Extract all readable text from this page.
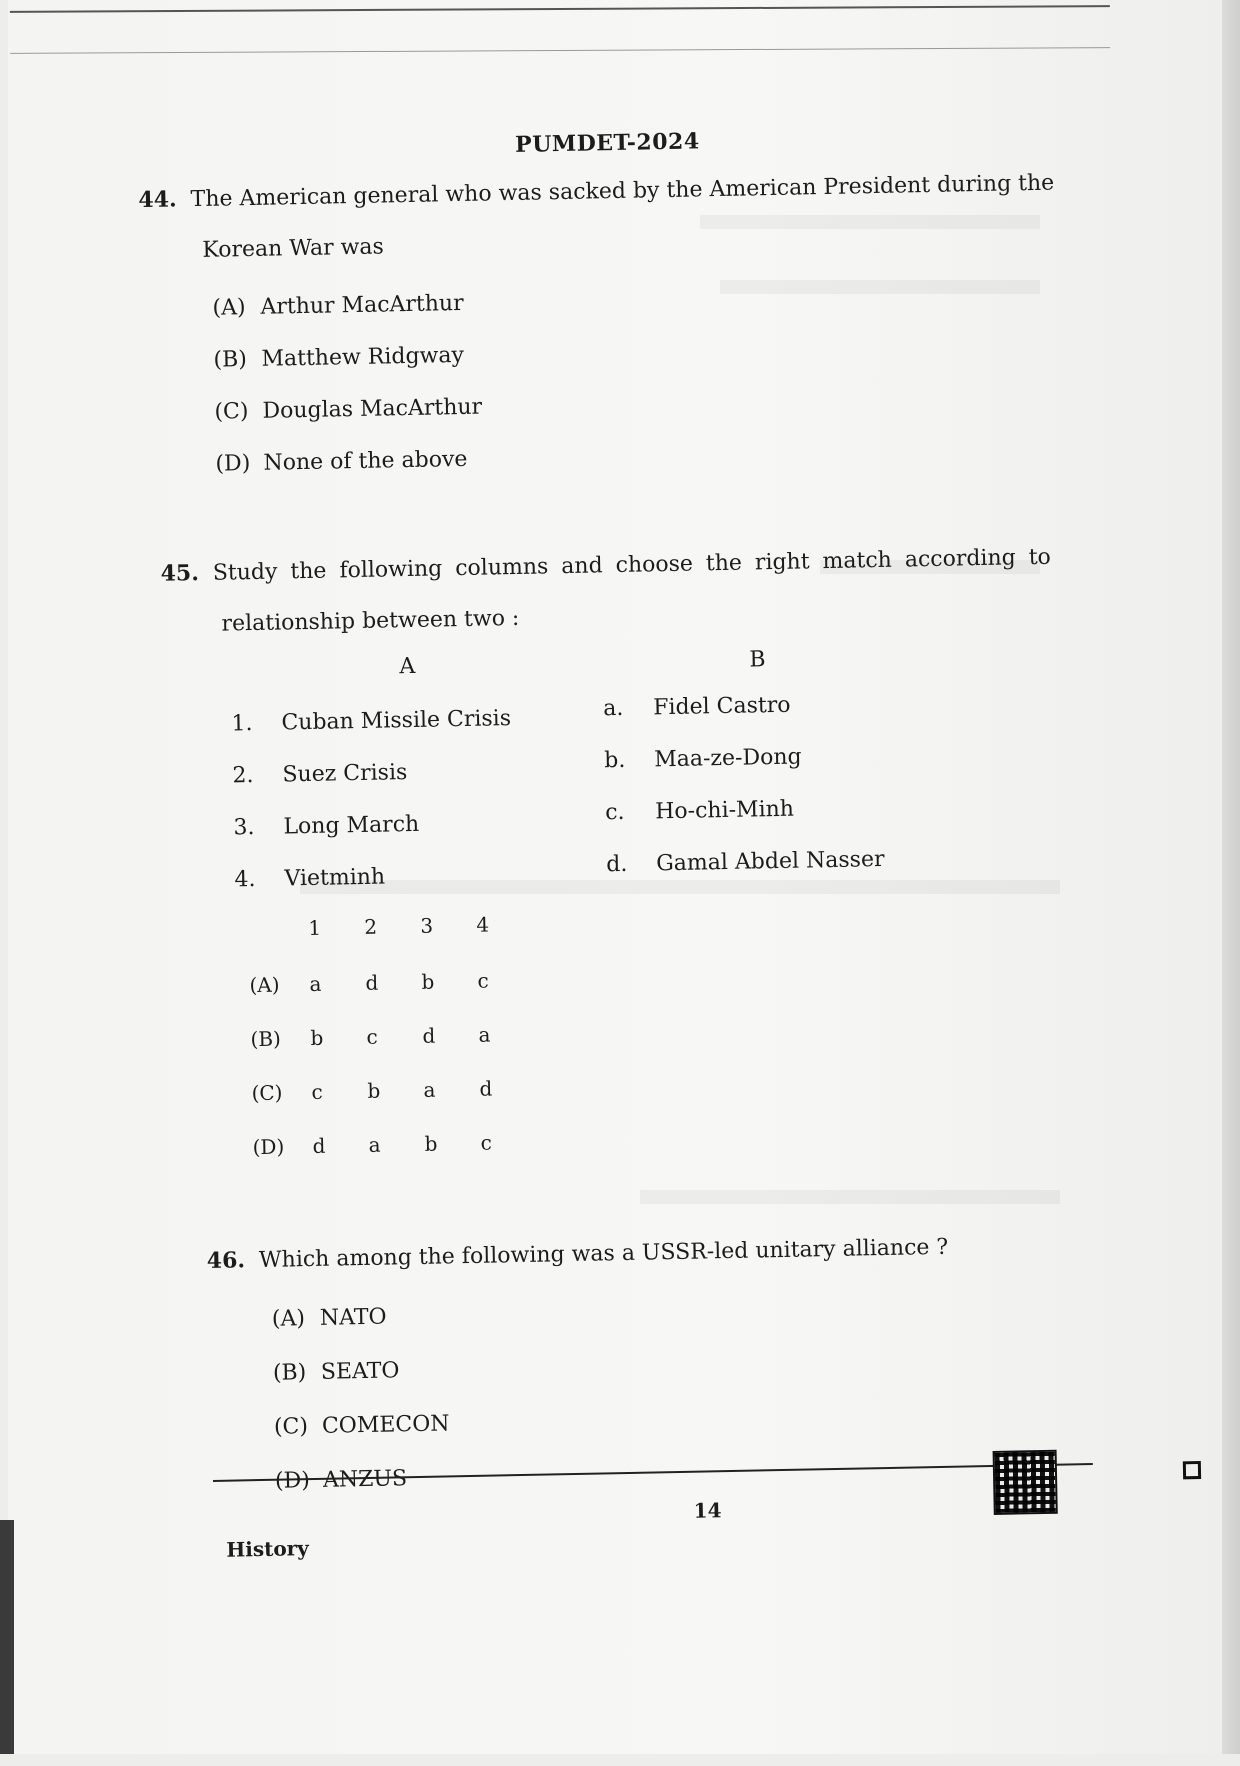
PUMDET-2024
44. The American general who was sacked by the American President during the
Korean War was
(A) Arthur MacArthur
(B) Matthew Ridgway
(C) Douglas MacArthur
(D) None of the above
45. Study the following columns and choose the right match according to
relationship between two :
A	B
1. Cuban Missile Crisis
2. Suez Crisis
3. Long March
4. Vietminh
a. Fidel Castro
b. Maa-ze-Dong
c. Ho-chi-Minh
d. Gamal Abdel Nasser
1 2 3 4
(A) a d b c
(B) b c d a
(C) c b a d
(D) d a b c
46. Which among the following was a USSR-led unitary alliance ?
(A) NATO
(B) SEATO
(C) COMECON
(D) ANZUS
History
14
